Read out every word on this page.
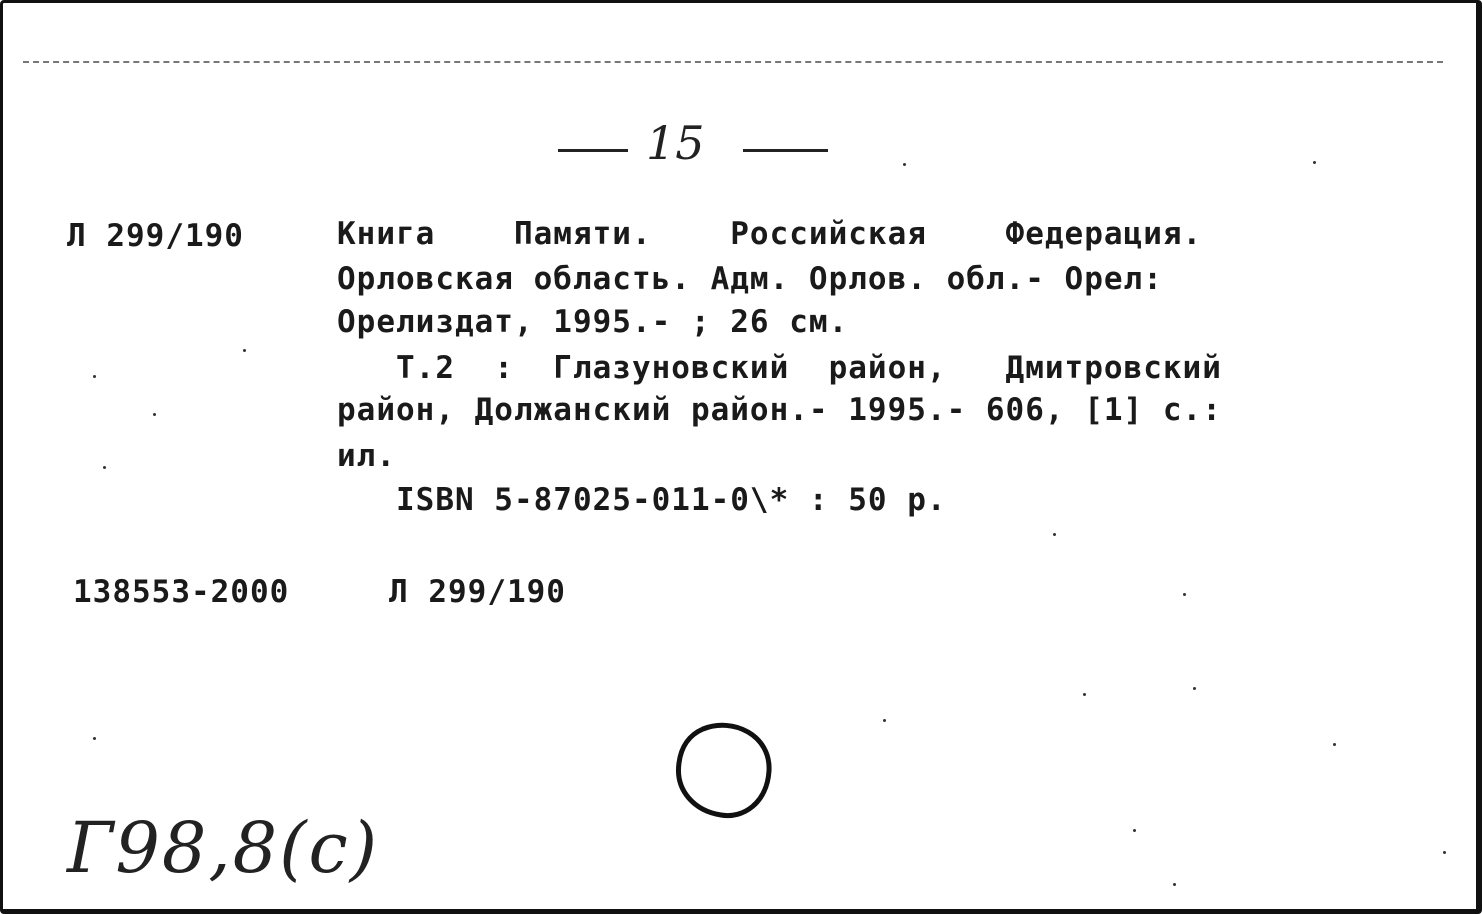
15
Л 299/190	Книга    Памяти.    Российская    Федерация.
Орловская область. Адм. Орлов. обл.- Орел:
Орелиздат, 1995.- ; 26 см.
Т.2  :  Глазуновский  район,   Дмитровский
район, Должанский район.- 1995.- 606, [1] с.:
ил.
ISBN 5-87025-011-0\* : 50 р.
138553-2000	Л 299/190
Г98,8(с)
